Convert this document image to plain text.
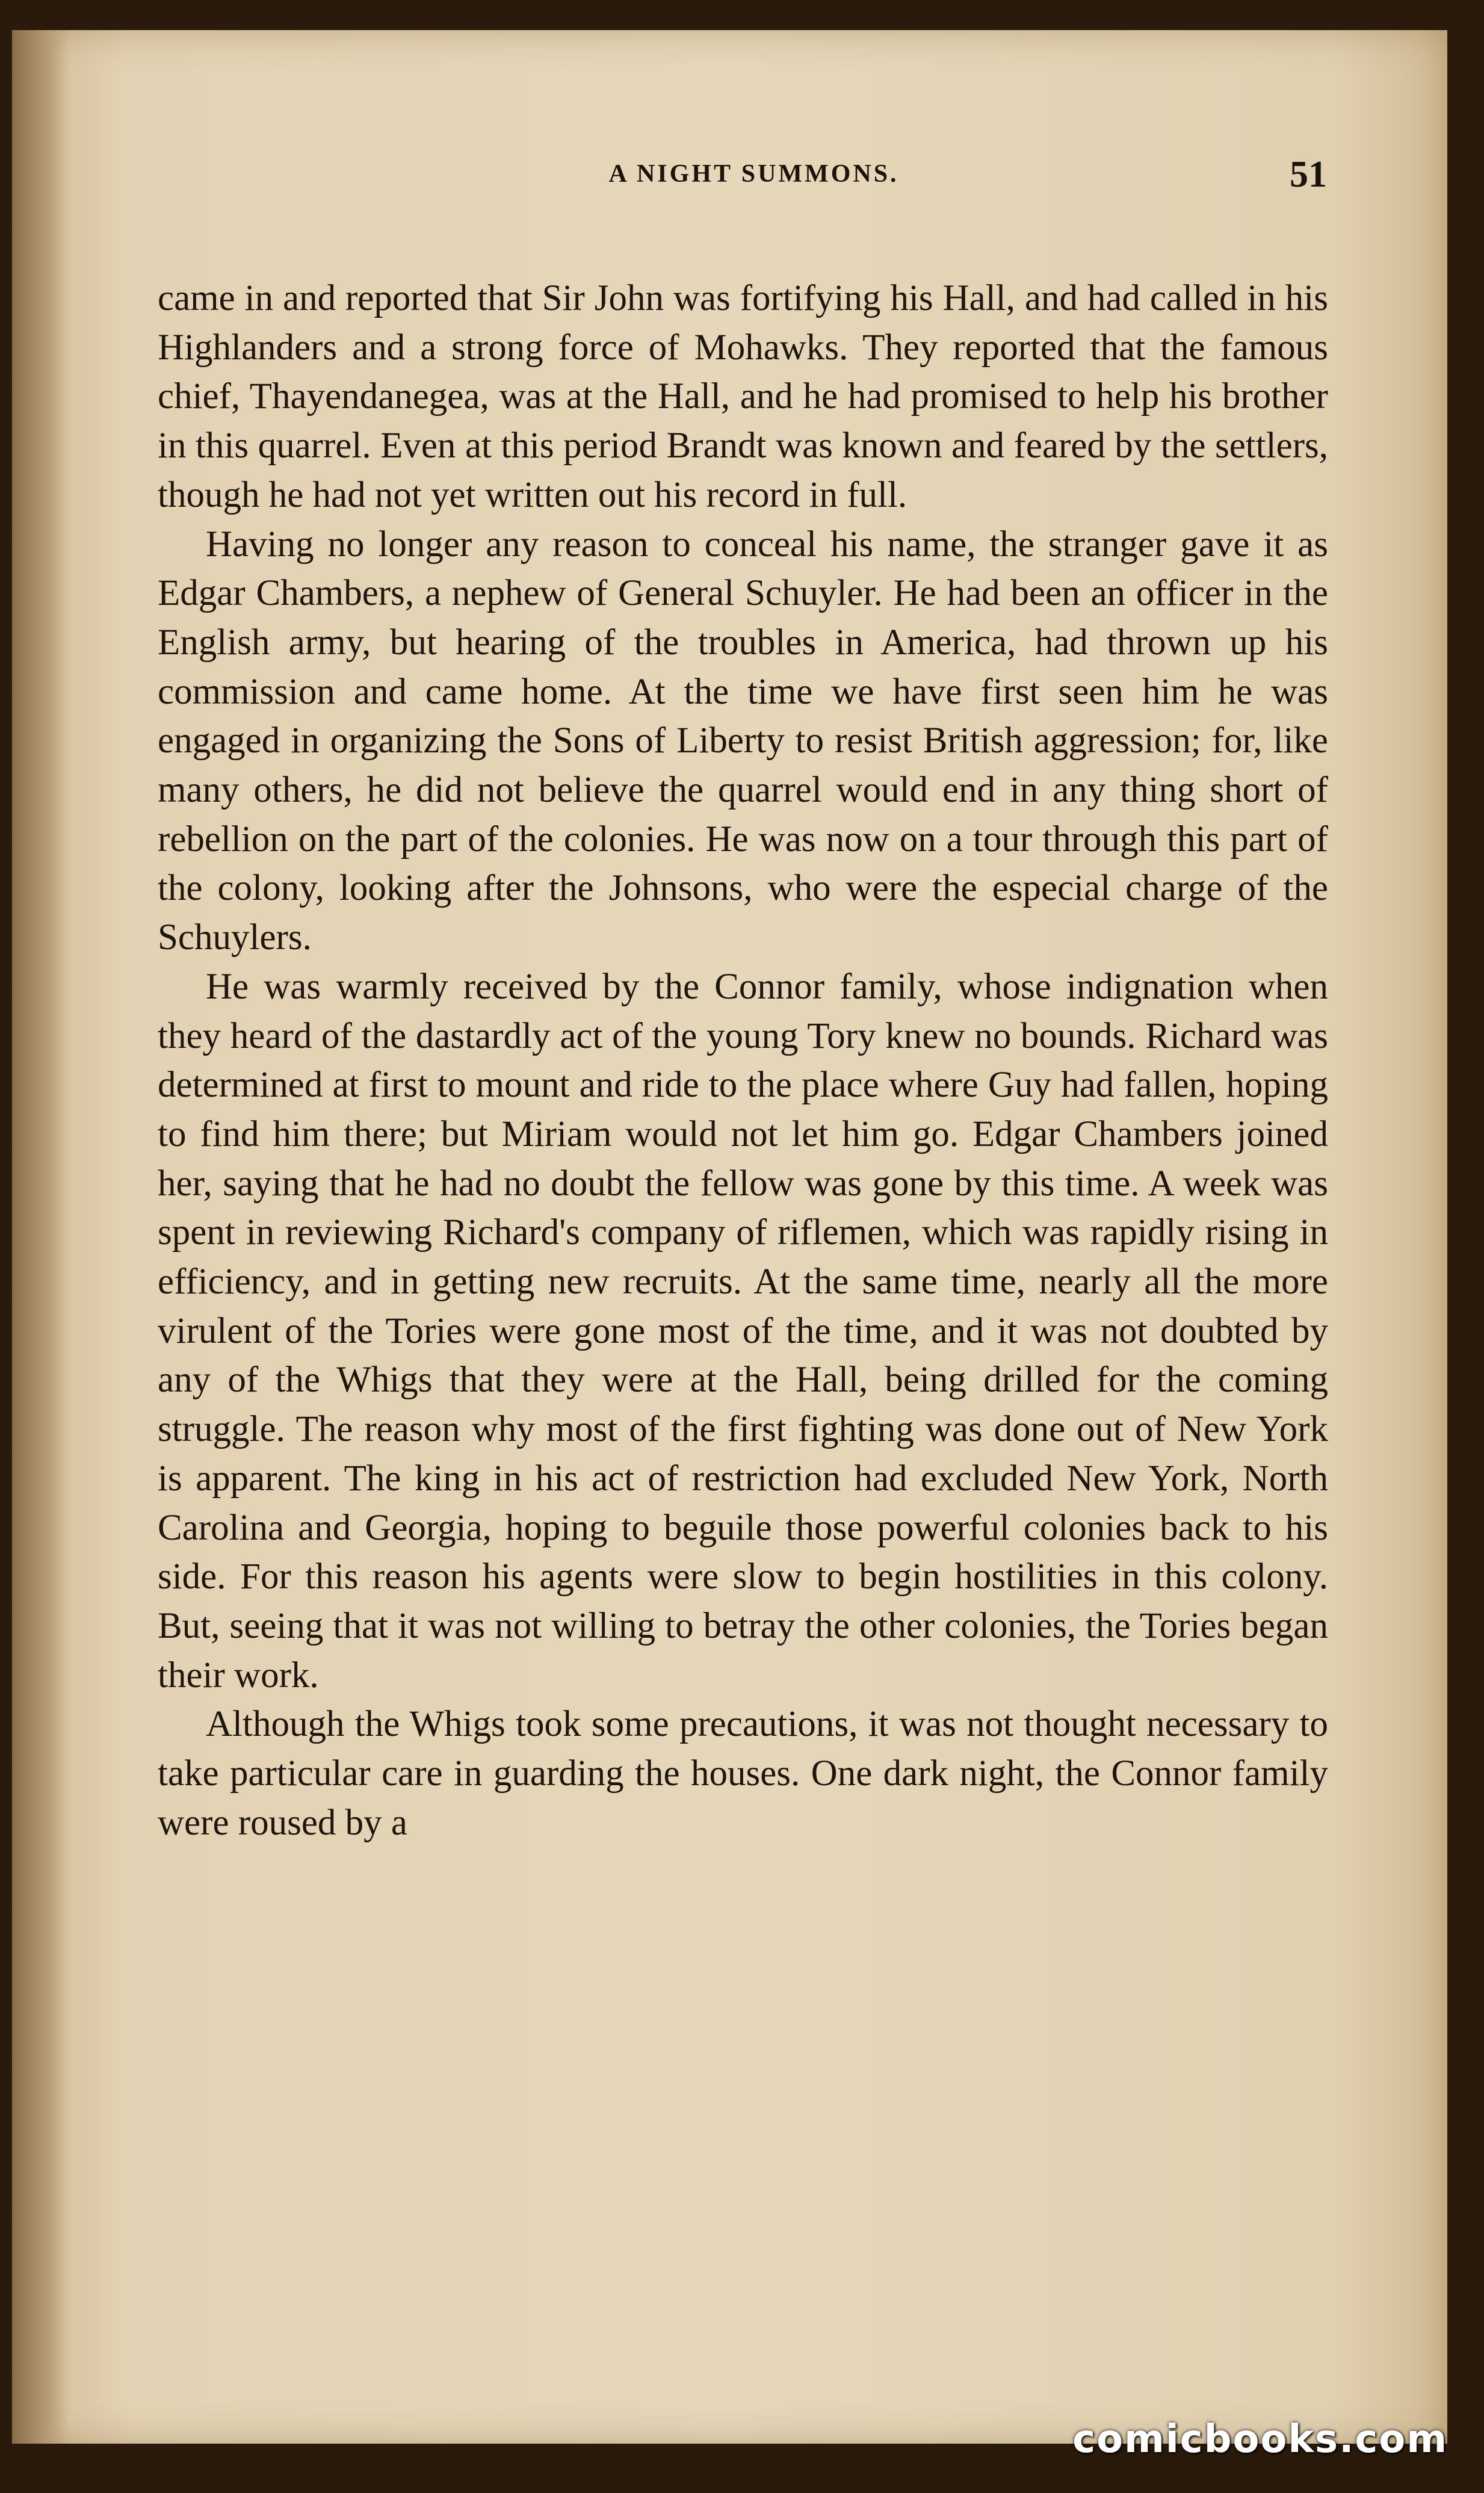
A NIGHT SUMMONS.	51

came in and reported that Sir John was fortifying his Hall, and had called in his Highlanders and a strong force of Mohawks. They reported that the famous chief, Thayendanegea, was at the Hall, and he had promised to help his brother in this quarrel. Even at this period Brandt was known and feared by the settlers, though he had not yet written out his record in full.

Having no longer any reason to conceal his name, the stranger gave it as Edgar Chambers, a nephew of General Schuyler. He had been an officer in the English army, but hearing of the troubles in America, had thrown up his commission and came home. At the time we have first seen him he was engaged in organizing the Sons of Liberty to resist British aggression; for, like many others, he did not believe the quarrel would end in any thing short of rebellion on the part of the colonies. He was now on a tour through this part of the colony, looking after the Johnsons, who were the especial charge of the Schuylers.

He was warmly received by the Connor family, whose indignation when they heard of the dastardly act of the young Tory knew no bounds. Richard was determined at first to mount and ride to the place where Guy had fallen, hoping to find him there; but Miriam would not let him go. Edgar Chambers joined her, saying that he had no doubt the fellow was gone by this time. A week was spent in reviewing Richard's company of riflemen, which was rapidly rising in efficiency, and in getting new recruits. At the same time, nearly all the more virulent of the Tories were gone most of the time, and it was not doubted by any of the Whigs that they were at the Hall, being drilled for the coming struggle. The reason why most of the first fighting was done out of New York is apparent. The king in his act of restriction had excluded New York, North Carolina and Georgia, hoping to beguile those powerful colonies back to his side. For this reason his agents were slow to begin hostilities in this colony. But, seeing that it was not willing to betray the other colonies, the Tories began their work.

Although the Whigs took some precautions, it was not thought necessary to take particular care in guarding the houses. One dark night, the Connor family were roused by a

comicbooks.com
